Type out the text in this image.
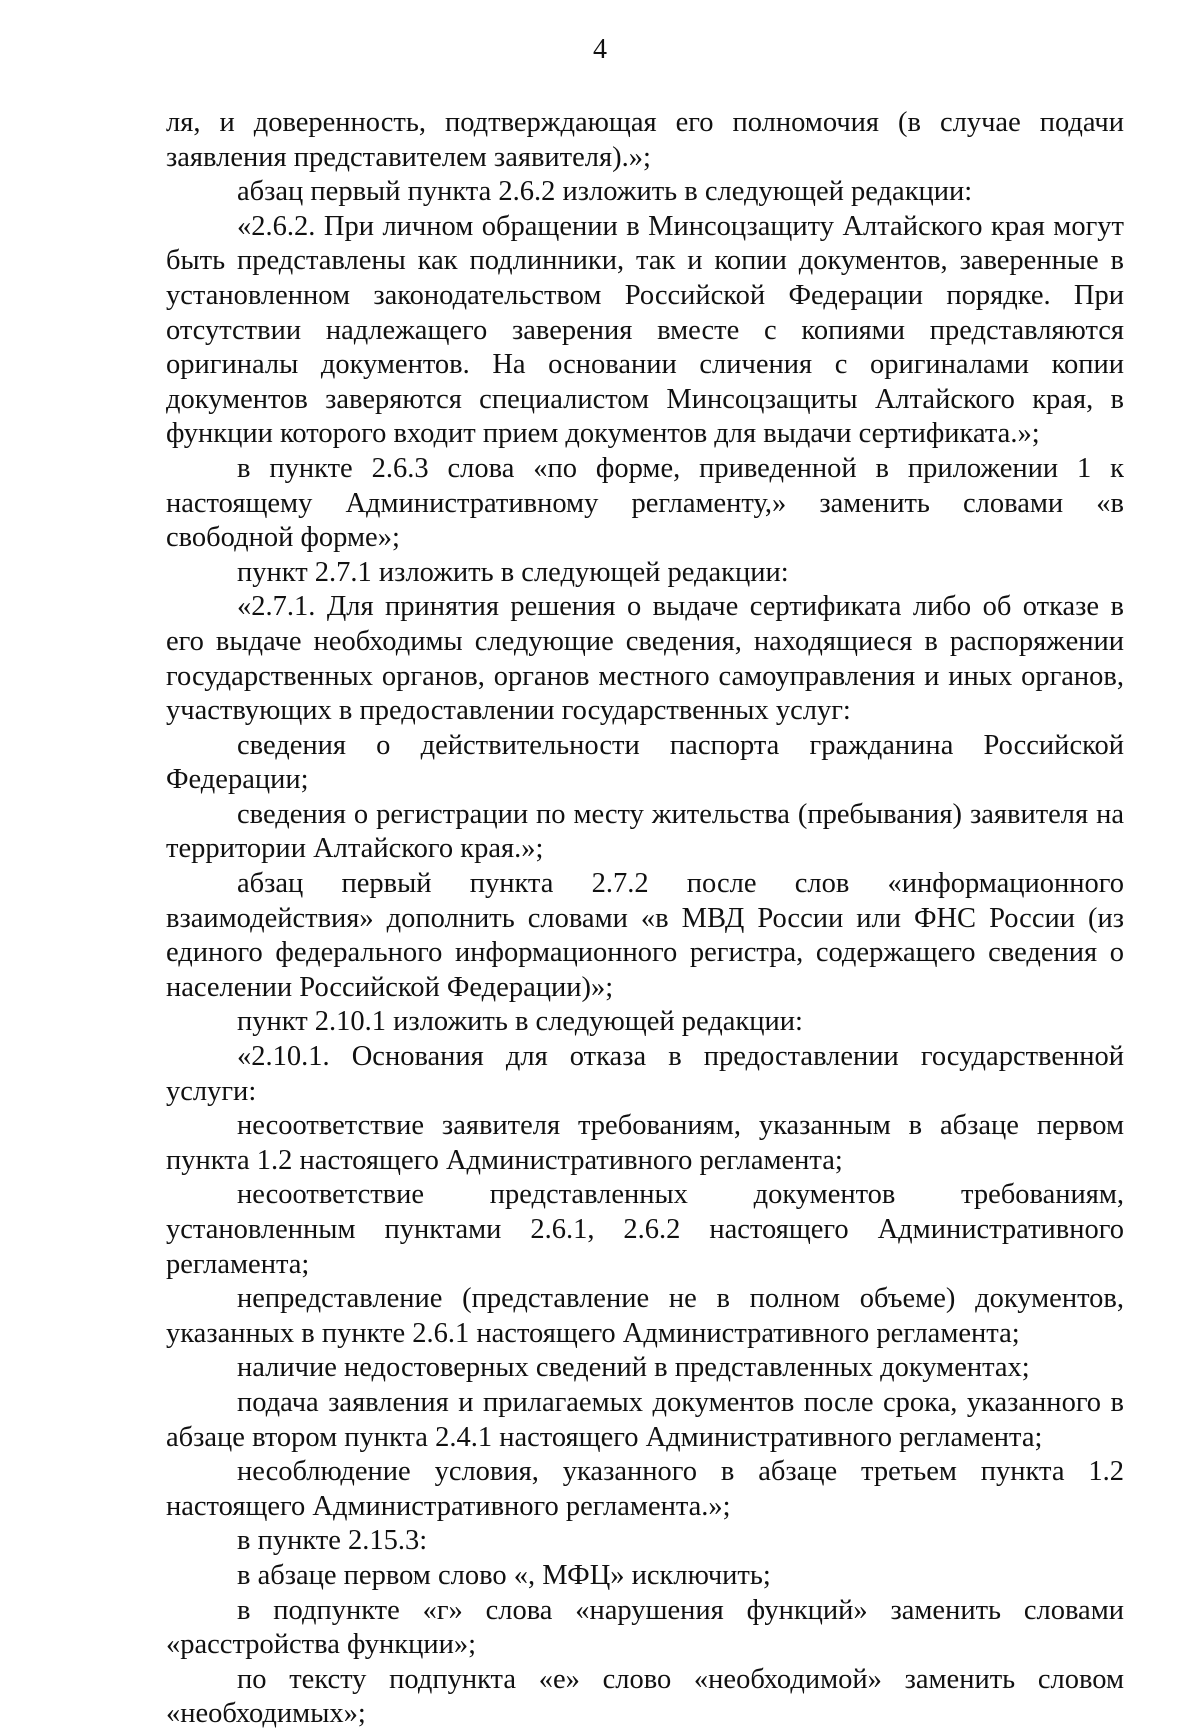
4

ля, и доверенность, подтверждающая его полномочия (в случае подачи заявления представителем заявителя).»;

абзац первый пункта 2.6.2 изложить в следующей редакции:

«2.6.2. При личном обращении в Минсоцзащиту Алтайского края могут быть представлены как подлинники, так и копии документов, заверенные в установленном законодательством Российской Федерации порядке. При отсутствии надлежащего заверения вместе с копиями представляются оригиналы документов. На основании сличения с оригиналами копии документов заверяются специалистом Минсоцзащиты Алтайского края, в функции которого входит прием документов для выдачи сертификата.»;

в пункте 2.6.3 слова «по форме, приведенной в приложении 1 к настоящему Административному регламенту,» заменить словами «в свободной форме»;

пункт 2.7.1 изложить в следующей редакции:

«2.7.1. Для принятия решения о выдаче сертификата либо об отказе в его выдаче необходимы следующие сведения, находящиеся в распоряжении государственных органов, органов местного самоуправления и иных органов, участвующих в предоставлении государственных услуг:

сведения о действительности паспорта гражданина Российской Федерации;

сведения о регистрации по месту жительства (пребывания) заявителя на территории Алтайского края.»;

абзац первый пункта 2.7.2 после слов «информационного взаимодействия» дополнить словами «в МВД России или ФНС России (из единого федерального информационного регистра, содержащего сведения о населении Российской Федерации)»;

пункт 2.10.1 изложить в следующей редакции:

«2.10.1. Основания для отказа в предоставлении государственной услуги:

несоответствие заявителя требованиям, указанным в абзаце первом пункта 1.2 настоящего Административного регламента;

несоответствие представленных документов требованиям, установленным пунктами 2.6.1, 2.6.2 настоящего Административного регламента;

непредставление (представление не в полном объеме) документов, указанных в пункте 2.6.1 настоящего Административного регламента;

наличие недостоверных сведений в представленных документах;

подача заявления и прилагаемых документов после срока, указанного в абзаце втором пункта 2.4.1 настоящего Административного регламента;

несоблюдение условия, указанного в абзаце третьем пункта 1.2 настоящего Административного регламента.»;

в пункте 2.15.3:

в абзаце первом слово «, МФЦ» исключить;

в подпункте «г» слова «нарушения функций» заменить словами «расстройства функции»;

по тексту подпункта «е» слово «необходимой» заменить словом «необходимых»;
